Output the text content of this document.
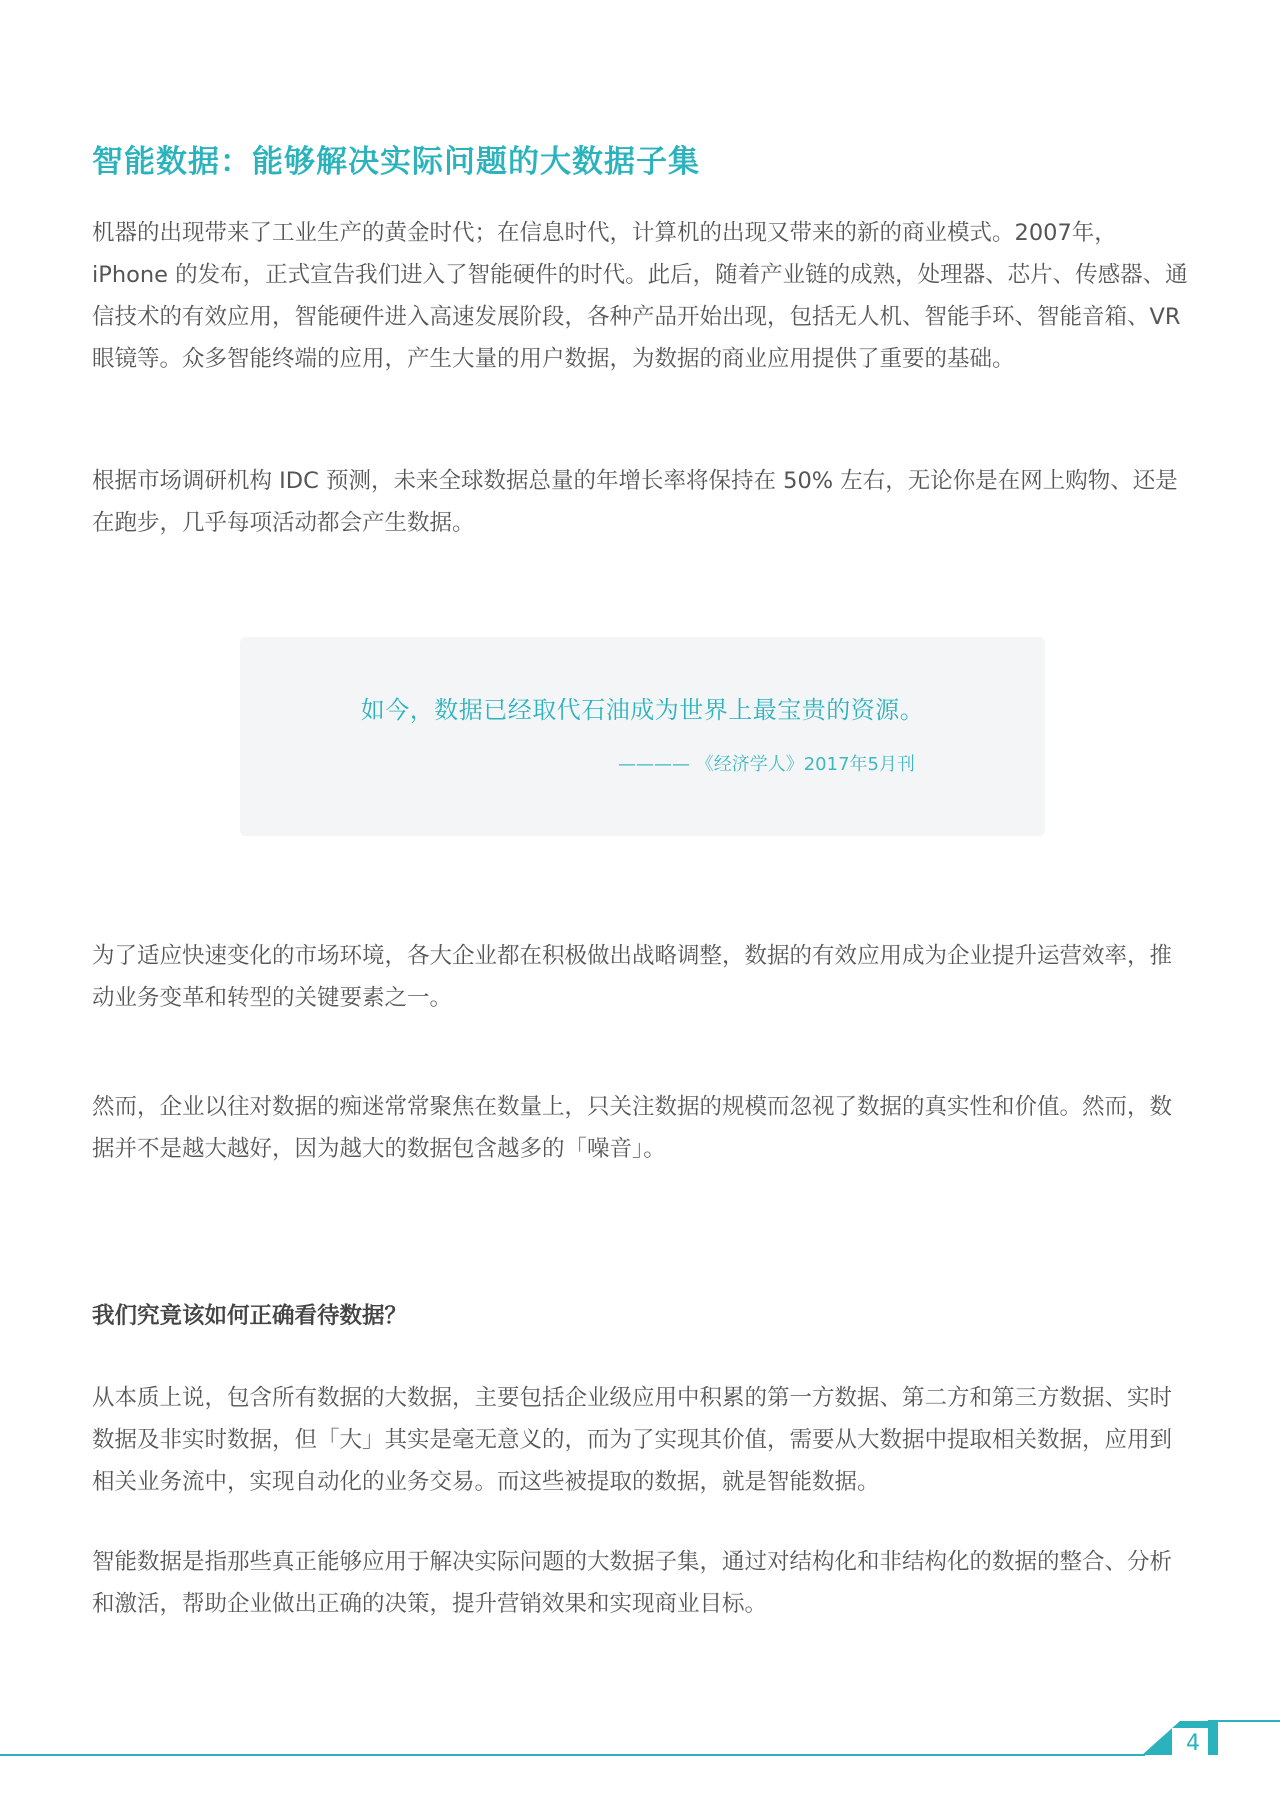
智能数据：能够解决实际问题的大数据子集

机器的出现带来了工业生产的黄金时代；在信息时代，计算机的出现又带来的新的商业模式。2007年，iPhone 的发布，正式宣告我们进入了智能硬件的时代。此后，随着产业链的成熟，处理器、芯片、传感器、通信技术的有效应用，智能硬件进入高速发展阶段，各种产品开始出现，包括无人机、智能手环、智能音箱、VR 眼镜等。众多智能终端的应用，产生大量的用户数据，为数据的商业应用提供了重要的基础。

根据市场调研机构 IDC 预测，未来全球数据总量的年增长率将保持在 50% 左右，无论你是在网上购物、还是在跑步，几乎每项活动都会产生数据。

如今，数据已经取代石油成为世界上最宝贵的资源。
———— 《经济学人》2017年5月刊

为了适应快速变化的市场环境，各大企业都在积极做出战略调整，数据的有效应用成为企业提升运营效率，推动业务变革和转型的关键要素之一。

然而，企业以往对数据的痴迷常常聚焦在数量上，只关注数据的规模而忽视了数据的真实性和价值。然而，数据并不是越大越好，因为越大的数据包含越多的「噪音」。

我们究竟该如何正确看待数据？

从本质上说，包含所有数据的大数据，主要包括企业级应用中积累的第一方数据、第二方和第三方数据、实时数据及非实时数据，但「大」其实是毫无意义的，而为了实现其价值，需要从大数据中提取相关数据，应用到相关业务流中，实现自动化的业务交易。而这些被提取的数据，就是智能数据。

智能数据是指那些真正能够应用于解决实际问题的大数据子集，通过对结构化和非结构化的数据的整合、分析和激活，帮助企业做出正确的决策，提升营销效果和实现商业目标。

4
